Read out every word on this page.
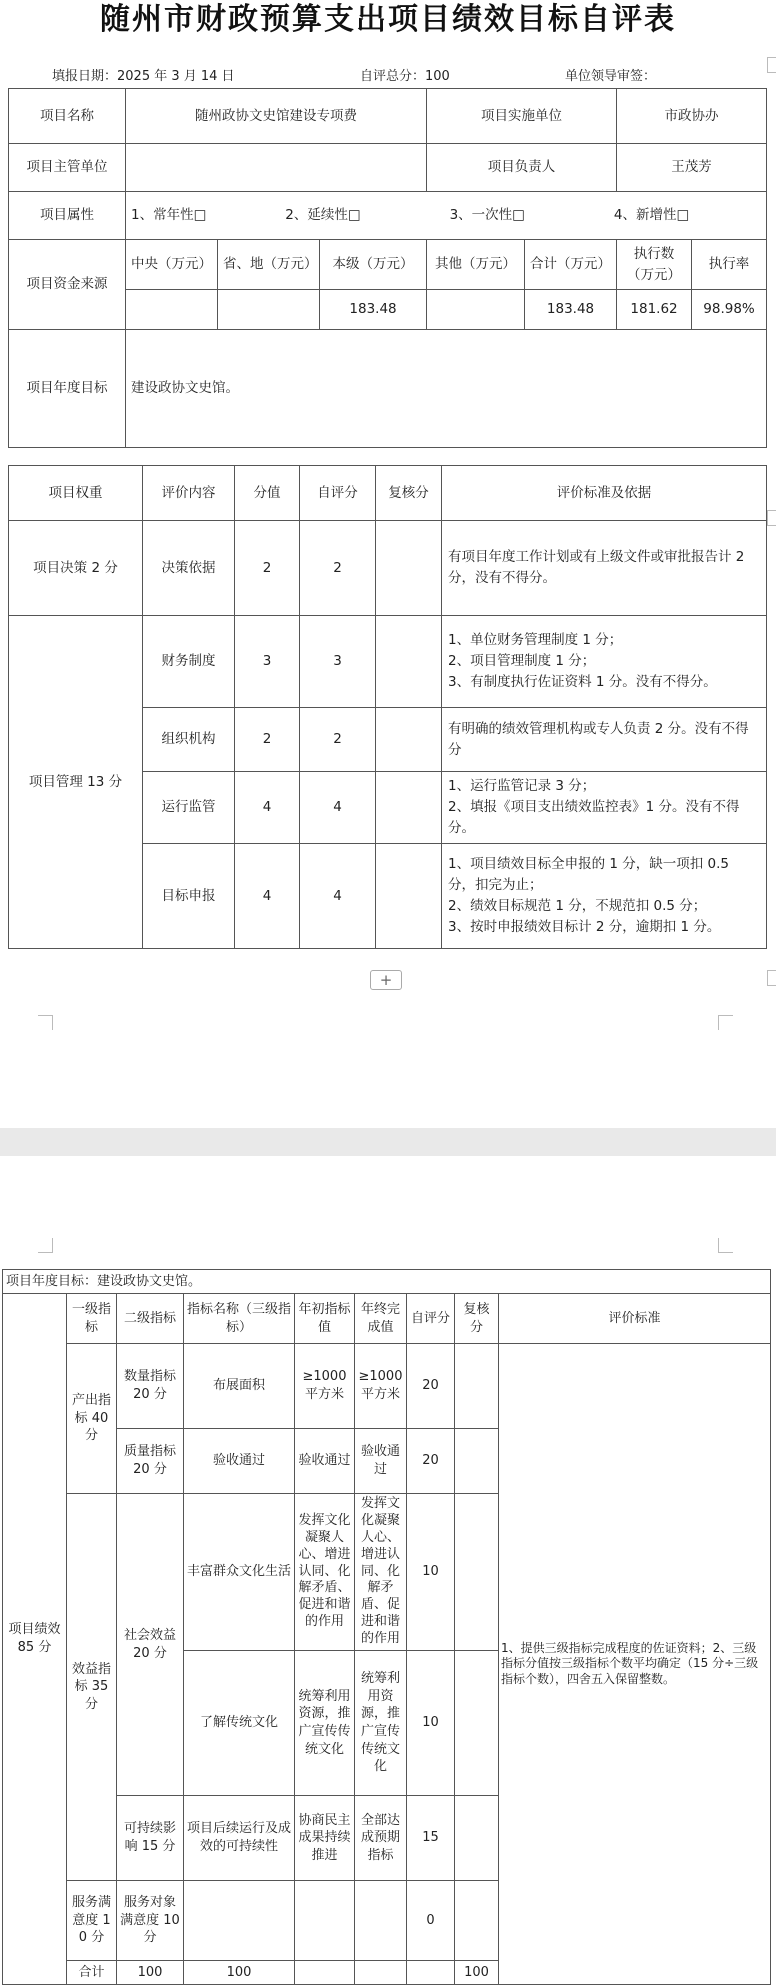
随州市财政预算支出项目绩效目标自评表
填报日期：2025 年 3 月 14 日	自评总分：100	单位领导审签：
项目名称	随州政协文史馆建设专项费			项目实施单位		市政协办	
项目主管单位				项目负责人		王茂芳	
项目属性	1、常年性□ 2、延续性□ 3、一次性□ 4、新增性□						
项目资金来源	中央（万元）	省、地（万元）	本级（万元）	其他（万元）	合计（万元）	执行数（万元）	执行率
			183.48		183.48	181.62	98.98%
项目年度目标	建设政协文史馆。						
项目权重	评价内容	分值	自评分	复核分	评价标准及依据
项目决策 2 分	决策依据	2	2		有项目年度工作计划或有上级文件或审批报告计 2 分，没有不得分。
项目管理 13 分	财务制度	3	3		1、单位财务管理制度 1 分；
2、项目管理制度 1 分；
3、有制度执行佐证资料 1 分。没有不得分。

	组织机构	2	2		有明确的绩效管理机构或专人负责 2 分。没有不得分

	运行监管	4	4		1、运行监管记录 3 分；
2、填报《项目支出绩效监控表》1 分。没有不得分。

	目标申报	4	4		1、项目绩效目标全申报的 1 分，缺一项扣 0.5 分，扣完为止；
2、绩效目标规范 1 分，不规范扣 0.5 分；
3、按时申报绩效目标计 2 分，逾期扣 1 分。
+
项目年度目标：建设政协文史馆。									
项目绩效 85 分	一级指标	二级指标	指标名称（三级指标）	年初指标值	年终完成值	自评分	复核分	评价标准	
	产出指标 40 分	数量指标 20 分	布展面积	≥1000 平方米	≥1000 平方米	20		1、提供三级指标完成程度的佐证资料；2、三级指标分值按三级指标个数平均确定（15 分÷三级指标个数），四舍五入保留整数。	
		质量指标 20 分	验收通过	验收通过	验收通过	20			
	效益指标 35 分	社会效益 20 分	丰富群众文化生活	发挥文化凝聚人心、增进认同、化解矛盾、促进和谐的作用	发挥文化凝聚人心、增进认同、化解矛盾、促进和谐的作用	10			
			了解传统文化	统筹利用资源，推广宣传传统文化	统筹利用资源，推广宣传传统文化	10			
		可持续影响 15 分	项目后续运行及成效的可持续性	协商民主成果持续推进	全部达成预期指标	15			
	服务满意度 10 分	服务对象满意度 10 分				0			
	合计	100	100				100		
